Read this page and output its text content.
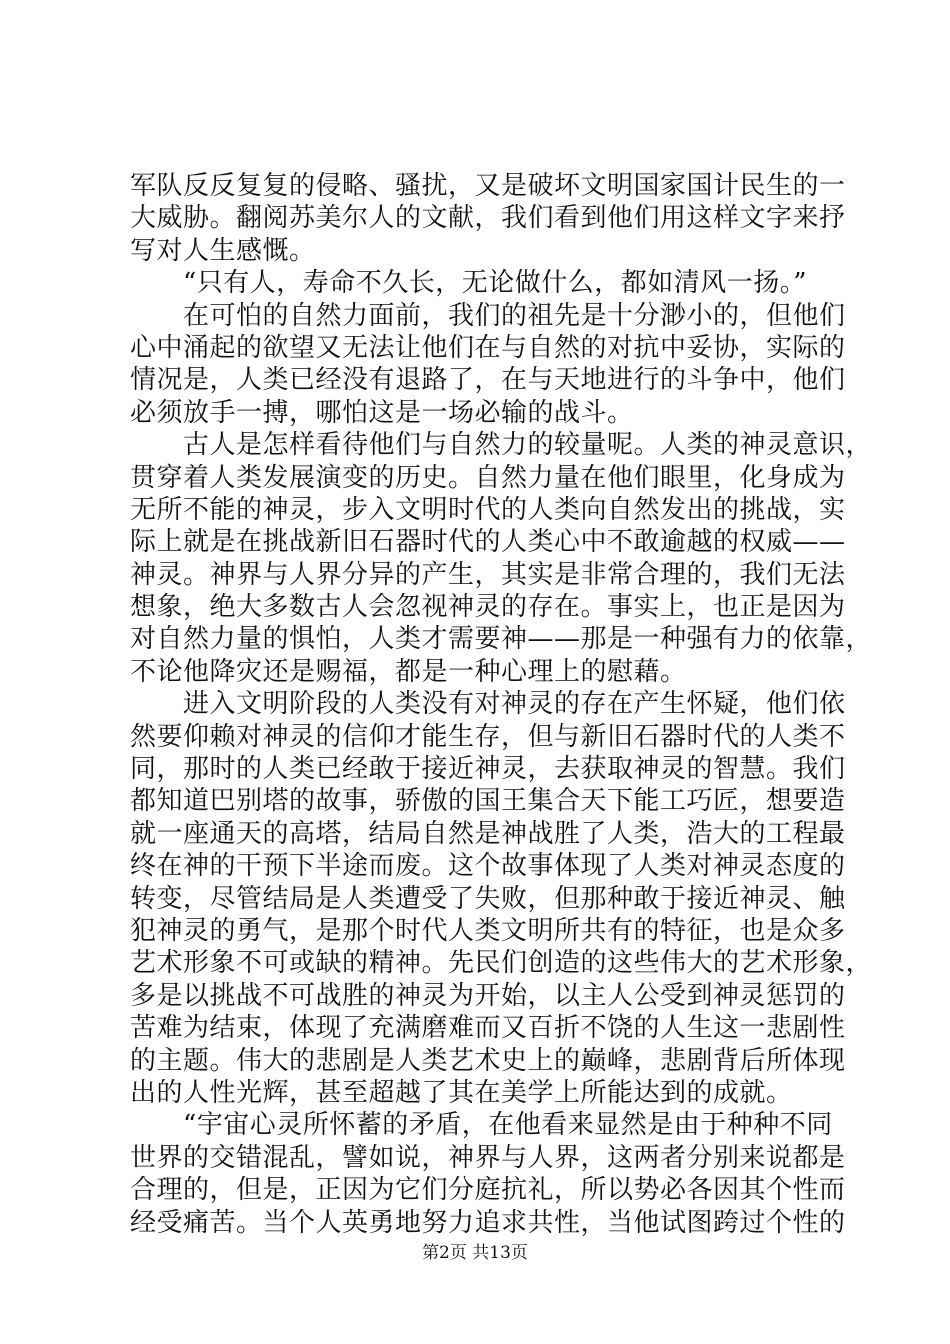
军队反反复复的侵略、骚扰，又是破坏文明国家国计民生的一
大威胁。翻阅苏美尔人的文献，我们看到他们用这样文字来抒
写对人生感慨。
　　“只有人，寿命不久长，无论做什么，都如清风一扬。”
　　在可怕的自然力面前，我们的祖先是十分渺小的，但他们
心中涌起的欲望又无法让他们在与自然的对抗中妥协，实际的
情况是，人类已经没有退路了，在与天地进行的斗争中，他们
必须放手一搏，哪怕这是一场必输的战斗。
　　古人是怎样看待他们与自然力的较量呢。人类的神灵意识，
贯穿着人类发展演变的历史。自然力量在他们眼里，化身成为
无所不能的神灵，步入文明时代的人类向自然发出的挑战，实
际上就是在挑战新旧石器时代的人类心中不敢逾越的权威——
神灵。神界与人界分异的产生，其实是非常合理的，我们无法
想象，绝大多数古人会忽视神灵的存在。事实上，也正是因为
对自然力量的惧怕，人类才需要神——那是一种强有力的依靠，
不论他降灾还是赐福，都是一种心理上的慰藉。
　　进入文明阶段的人类没有对神灵的存在产生怀疑，他们依
然要仰赖对神灵的信仰才能生存，但与新旧石器时代的人类不
同，那时的人类已经敢于接近神灵，去获取神灵的智慧。我们
都知道巴别塔的故事，骄傲的国王集合天下能工巧匠，想要造
就一座通天的高塔，结局自然是神战胜了人类，浩大的工程最
终在神的干预下半途而废。这个故事体现了人类对神灵态度的
转变，尽管结局是人类遭受了失败，但那种敢于接近神灵、触
犯神灵的勇气，是那个时代人类文明所共有的特征，也是众多
艺术形象不可或缺的精神。先民们创造的这些伟大的艺术形象，
多是以挑战不可战胜的神灵为开始，以主人公受到神灵惩罚的
苦难为结束，体现了充满磨难而又百折不饶的人生这一悲剧性
的主题。伟大的悲剧是人类艺术史上的巅峰，悲剧背后所体现
出的人性光辉，甚至超越了其在美学上所能达到的成就。
　　“宇宙心灵所怀蓄的矛盾，在他看来显然是由于种种不同
世界的交错混乱，譬如说，神界与人界，这两者分别来说都是
合理的，但是，正因为它们分庭抗礼，所以势必各因其个性而
经受痛苦。当个人英勇地努力追求共性，当他试图跨过个性的
第2页 共13页
